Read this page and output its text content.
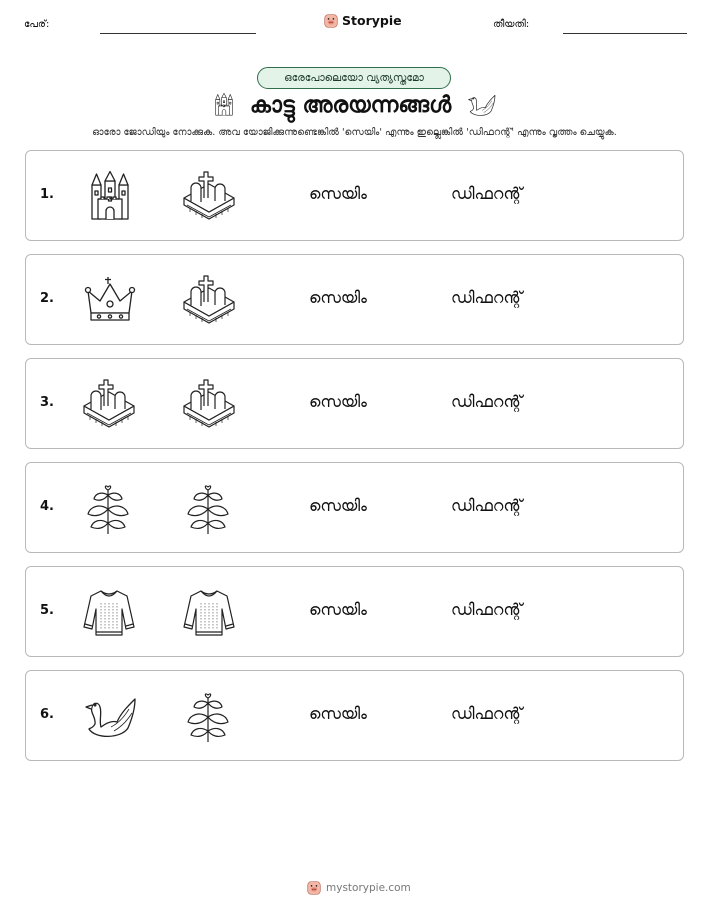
പേര്:	Storypie	തീയതി:
ഒരേപോലെയോ വ്യത്യസ്തമോ
കാട്ടു അരയന്നങ്ങൾ
ഓരോ ജോഡിയും നോക്കുക. അവ യോജിക്കുന്നുണ്ടെങ്കിൽ 'സെയിം' എന്നും ഇല്ലെങ്കിൽ 'ഡിഫറന്റ്' എന്നും വൃത്തം ചെയ്യുക.
1.	സെയിം	ഡിഫറന്റ്
2.	സെയിം	ഡിഫറന്റ്
3.	സെയിം	ഡിഫറന്റ്
4.	സെയിം	ഡിഫറന്റ്
5.	സെയിം	ഡിഫറന്റ്
6.	സെയിം	ഡിഫറന്റ്
mystorypie.com
